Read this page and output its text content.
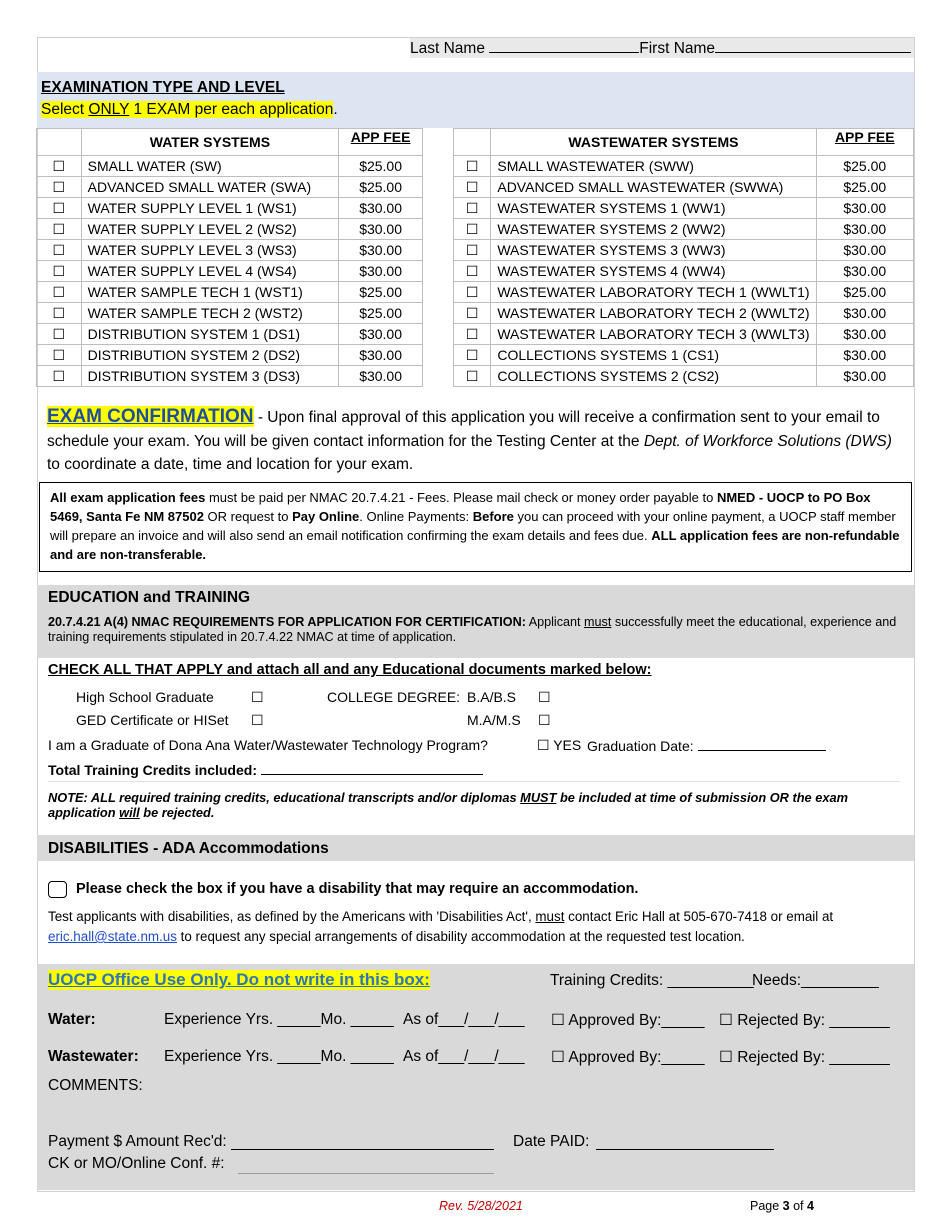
Last Name	First Name
EXAMINATION TYPE AND LEVEL
Select ONLY 1 EXAM per each application.
	WATER SYSTEMS	APP FEE
☐	SMALL WATER (SW)	$25.00
☐	ADVANCED SMALL WATER (SWA)	$25.00
☐	WATER SUPPLY LEVEL 1 (WS1)	$30.00
☐	WATER SUPPLY LEVEL 2 (WS2)	$30.00
☐	WATER SUPPLY LEVEL 3 (WS3)	$30.00
☐	WATER SUPPLY LEVEL 4 (WS4)	$30.00
☐	WATER SAMPLE TECH 1 (WST1)	$25.00
☐	WATER SAMPLE TECH 2 (WST2)	$25.00
☐	DISTRIBUTION SYSTEM 1 (DS1)	$30.00
☐	DISTRIBUTION SYSTEM 2 (DS2)	$30.00
☐	DISTRIBUTION SYSTEM 3 (DS3)	$30.00
	WASTEWATER SYSTEMS	APP FEE
☐	SMALL WASTEWATER (SWW)	$25.00
☐	ADVANCED SMALL WASTEWATER (SWWA)	$25.00
☐	WASTEWATER SYSTEMS 1 (WW1)	$30.00
☐	WASTEWATER SYSTEMS 2 (WW2)	$30.00
☐	WASTEWATER SYSTEMS 3 (WW3)	$30.00
☐	WASTEWATER SYSTEMS 4 (WW4)	$30.00
☐	WASTEWATER LABORATORY TECH 1 (WWLT1)	$25.00
☐	WASTEWATER LABORATORY TECH 2 (WWLT2)	$30.00
☐	WASTEWATER LABORATORY TECH 3 (WWLT3)	$30.00
☐	COLLECTIONS SYSTEMS 1 (CS1)	$30.00
☐	COLLECTIONS SYSTEMS 2 (CS2)	$30.00
EXAM CONFIRMATION - Upon final approval of this application you will receive a confirmation sent to your email to schedule your exam. You will be given contact information for the Testing Center at the Dept. of Workforce Solutions (DWS) to coordinate a date, time and location for your exam.
All exam application fees must be paid per NMAC 20.7.4.21 - Fees. Please mail check or money order payable to NMED - UOCP to PO Box 5469, Santa Fe NM 87502 OR request to Pay Online. Online Payments: Before you can proceed with your online payment, a UOCP staff member will prepare an invoice and will also send an email notification confirming the exam details and fees due. ALL application fees are non-refundable and are non-transferable.
EDUCATION and TRAINING
20.7.4.21 A(4) NMAC REQUIREMENTS FOR APPLICATION FOR CERTIFICATION: Applicant must successfully meet the educational, experience and training requirements stipulated in 20.7.4.22 NMAC at time of application.
CHECK ALL THAT APPLY and attach all and any Educational documents marked below:
High School Graduate	☐	COLLEGE DEGREE: B.A/B.S ☐
GED Certificate or HISet ☐	M.A/M.S ☐
I am a Graduate of Dona Ana Water/Wastewater Technology Program?	☐ YES Graduation Date:
Total Training Credits included:
NOTE: ALL required training credits, educational transcripts and/or diplomas MUST be included at time of submission OR the exam application will be rejected.
DISABILITIES - ADA Accommodations
Please check the box if you have a disability that may require an accommodation.
Test applicants with disabilities, as defined by the Americans with 'Disabilities Act', must contact Eric Hall at 505-670-7418 or email at eric.hall@state.nm.us to request any special arrangements of disability accommodation at the requested test location.
UOCP Office Use Only. Do not write in this box:	Training Credits: __________
Needs:_________
Water:	Experience Yrs. _____Mo. _____ As of___/___/___ ☐ Approved By:_____ ☐ Rejected By: _______
Wastewater: Experience Yrs. _____Mo. _____ As of___/___/___ ☐ Approved By:_____ ☐ Rejected By: _______
COMMENTS:
Payment $ Amount Rec'd:	Date PAID:
CK or MO/Online Conf. #:
Rev. 5/28/2021	Page 3 of 4
